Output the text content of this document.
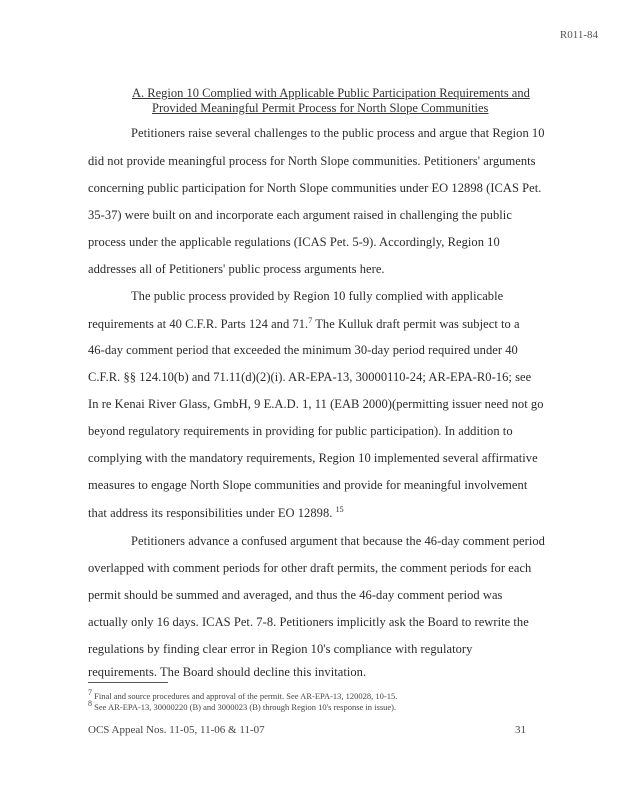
R011-84
A. Region 10 Complied with Applicable Public Participation Requirements and
Provided Meaningful Permit Process for North Slope Communities
Petitioners raise several challenges to the public process and argue that Region 10
did not provide meaningful process for North Slope communities. Petitioners' arguments
concerning public participation for North Slope communities under EO 12898 (ICAS Pet.
35-37) were built on and incorporate each argument raised in challenging the public
process under the applicable regulations (ICAS Pet. 5-9). Accordingly, Region 10
addresses all of Petitioners' public process arguments here.
The public process provided by Region 10 fully complied with applicable
requirements at 40 C.F.R. Parts 124 and 71.$^7$ The Kulluk draft permit was subject to a
46-day comment period that exceeded the minimum 30-day period required under 40
C.F.R. §§ 124.10(b) and 71.11(d)(2)(i). AR-EPA-13, 30000110-24; AR-EPA-R0-16; see
In re Kenai River Glass, GmbH, 9 E.A.D. 1, 11 (EAB 2000)(permitting issuer need not go
beyond regulatory requirements in providing for public participation). In addition to
complying with the mandatory requirements, Region 10 implemented several affirmative
measures to engage North Slope communities and provide for meaningful involvement
that address its responsibilities under EO 12898. $^{15}$
Petitioners advance a confused argument that because the 46-day comment period
overlapped with comment periods for other draft permits, the comment periods for each
permit should be summed and averaged, and thus the 46-day comment period was
actually only 16 days. ICAS Pet. 7-8. Petitioners implicitly ask the Board to rewrite the
regulations by finding clear error in Region 10's compliance with regulatory
requirements. The Board should decline this invitation.
$^7$ Final and source procedures and approval of the permit. See AR-EPA-13, 120028, 10-15.
$^8$ See AR-EPA-13, 30000220 (B) and 3000023 (B) through Region 10's response in issue).
OCS Appeal Nos. 11-05, 11-06 & 11-07	31
